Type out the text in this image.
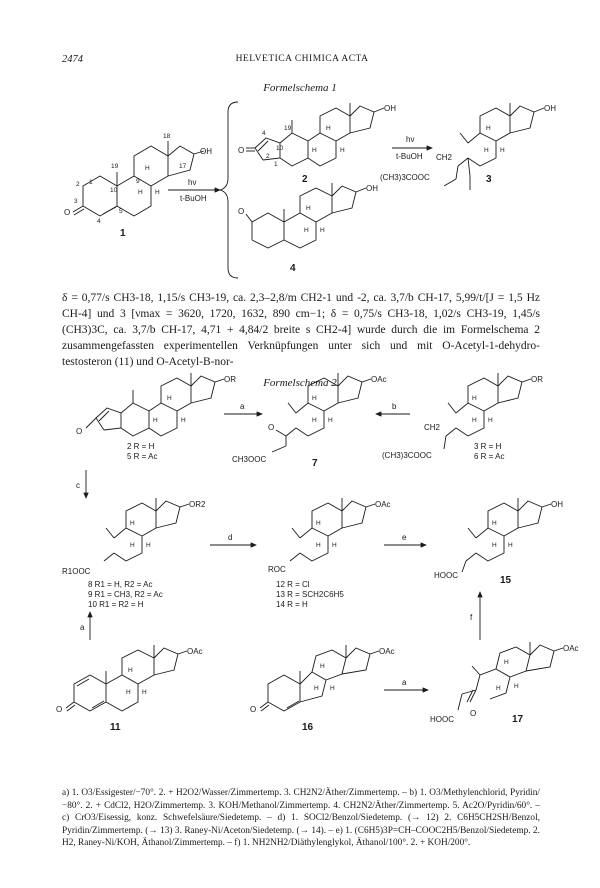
2474	HELVETICA CHIMICA ACTA
Formelschema 1
Formelschema 2
δ = 0,77/s CH3-18, 1,15/s CH3-19, ca. 2,3–2,8/m CH2-1 und -2, ca. 3,7/b CH-17, 5,99/t/[J = 1,5 Hz CH-4] und 3 [νmax = 3620, 1720, 1632, 890 cm−1; δ = 0,75/s CH3-18, 1,02/s CH3-19, 1,45/s (CH3)3C, ca. 3,7/b CH-17, 4,71 + 4,84/2 breite s CH2-4] wurde durch die im Formelschema 2 zusammengefassten experimentellen Verknüpfungen unter sich und mit O-Acetyl-1-dehydro-testosteron (11) und O-Acetyl-B-nor-
a) 1. O3/Essigester/−70°. 2. + H2O2/Wasser/Zimmertemp. 3. CH2N2/Äther/Zimmertemp. – b) 1. O3/Methylenchlorid, Pyridin/−80°. 2. + CdCl2, H2O/Zimmertemp. 3. KOH/Methanol/Zimmertemp. 4. CH2N2/Äther/Zimmertemp. 5. Ac2O/Pyridin/60°. – c) CrO3/Eisessig, konz. Schwefelsäure/Siedetemp. – d) 1. SOCl2/Benzol/Siedetemp. (→ 12) 2. C6H5CH2SH/Benzol, Pyridin/Zimmertemp. (→ 13) 3. Raney-Ni/Aceton/Siedetemp. (→ 14). – e) 1. (C6H5)3P=CH–COOC2H5/Benzol/Siedetemp. 2. H2, Raney-Ni/KOH, Äthanol/Zimmertemp. – f) 1. NH2NH2/Diäthylenglykol, Äthanol/100°. 2. + KOH/200°.
OH
O
19
18
17
1
2
3
4
5
9
10
H
H H
1
hν
t-BuOH
OH
O
19
10
4
2
1
H
H	H
2
hν
t-BuOH
OH
CH2
(CH3)3COOC
H
H H
3
OH
O	H
H H
4
OR
O
H
H	H
2 R = H
5 R = Ac
a
OAc
O
CH3OOC
H
H H
7
b
OR
CH2
(CH3)3COOC
H
H H
3 R = H
6 R = Ac
c
OR2
R1OOC
H
H H
8 R1 = H, R2 = Ac
9 R1 = CH3, R2 = Ac
10 R1 = R2 = H
d
OAc
ROC
H
H H
12 R = Cl
13 R = SCH2C6H5
14 R = H
e
OH
HOOC
H
H H
15
a
f
OAc
O
H
H H
11
OAc
O
H
H H
16
a
OAc
HOOC
O
H
H H
17
